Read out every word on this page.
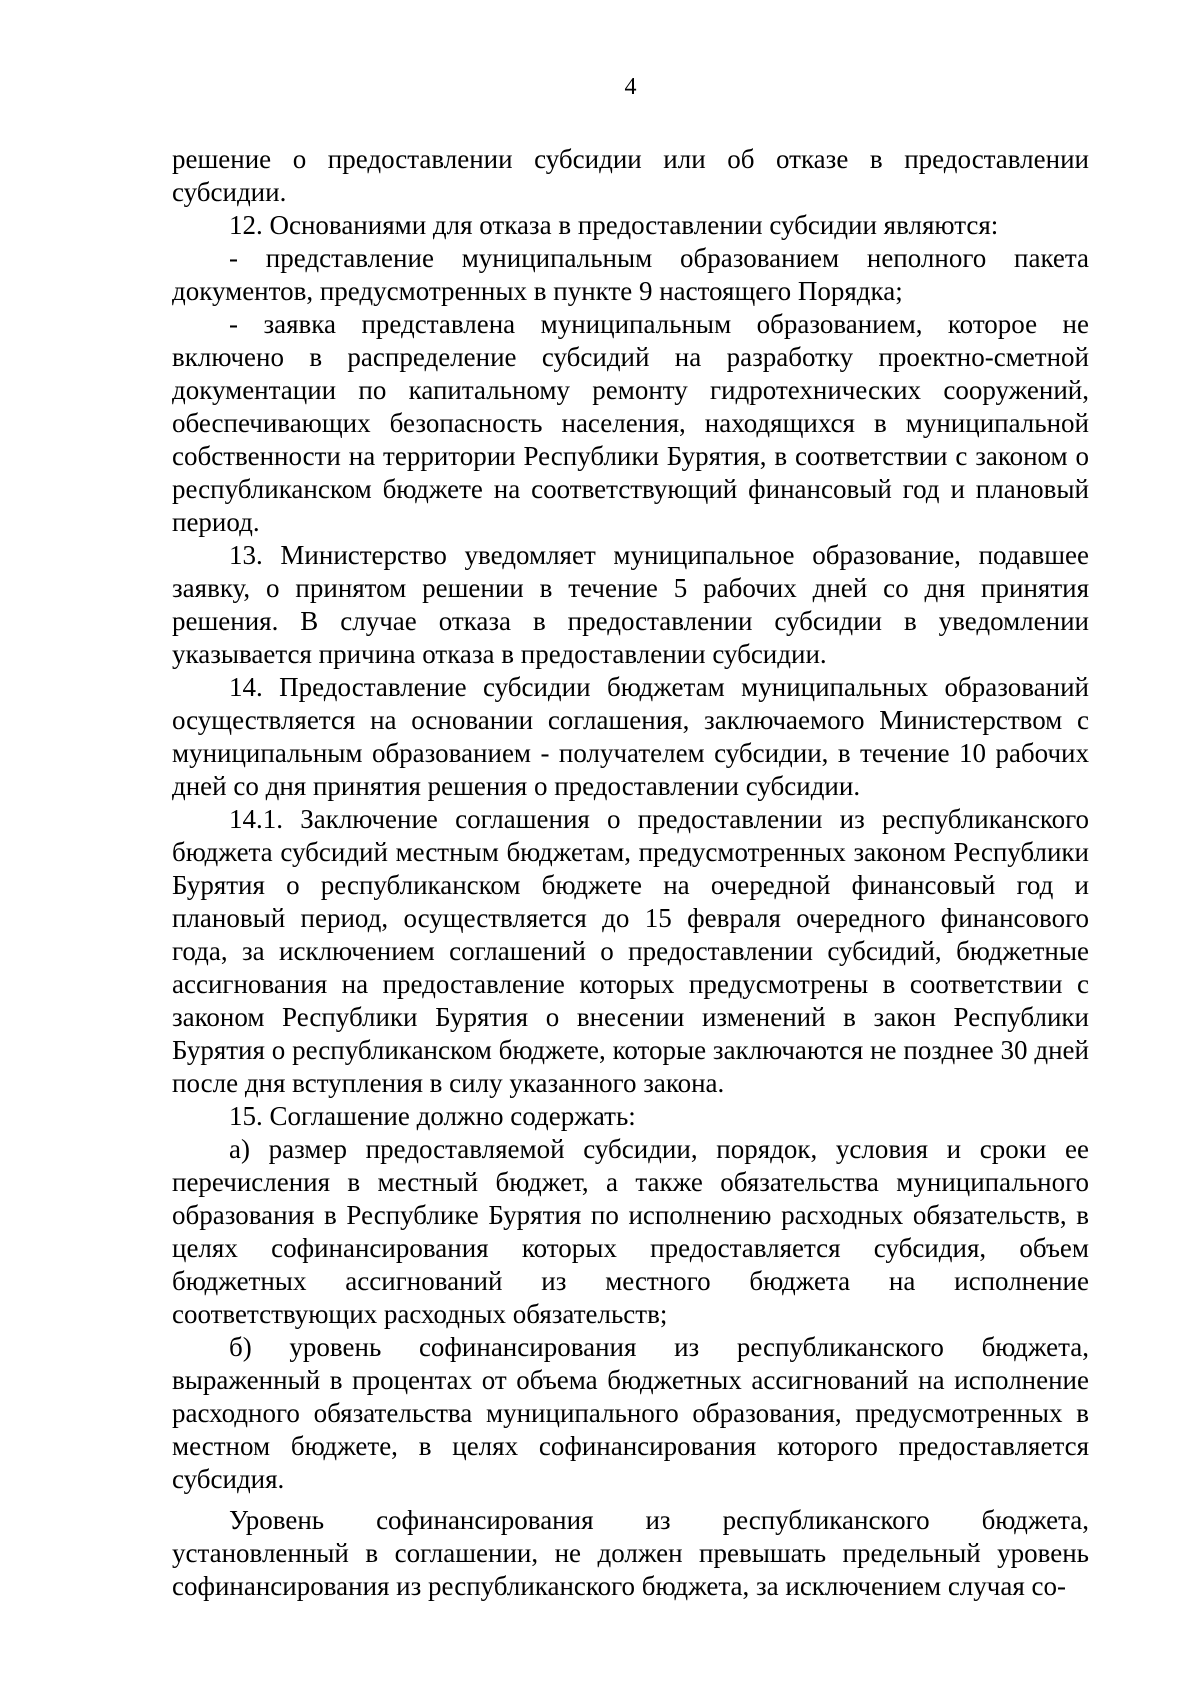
4

решение о предоставлении субсидии или об отказе в предоставлении субсидии.

12. Основаниями для отказа в предоставлении субсидии являются:

- представление муниципальным образованием неполного пакета документов, предусмотренных в пункте 9 настоящего Порядка;

- заявка представлена муниципальным образованием, которое не включено в распределение субсидий на разработку проектно-сметной документации по капитальному ремонту гидротехнических сооружений, обеспечивающих безопасность населения, находящихся в муниципальной собственности на территории Республики Бурятия, в соответствии с законом о республиканском бюджете на соответствующий финансовый год и плановый период.

13. Министерство уведомляет муниципальное образование, подавшее заявку, о принятом решении в течение 5 рабочих дней со дня принятия решения. В случае отказа в предоставлении субсидии в уведомлении указывается причина отказа в предоставлении субсидии.

14. Предоставление субсидии бюджетам муниципальных образований осуществляется на основании соглашения, заключаемого Министерством с муниципальным образованием - получателем субсидии, в течение 10 рабочих дней со дня принятия решения о предоставлении субсидии.

14.1. Заключение соглашения о предоставлении из республиканского бюджета субсидий местным бюджетам, предусмотренных законом Республики Бурятия о республиканском бюджете на очередной финансовый год и плановый период, осуществляется до 15 февраля очередного финансового года, за исключением соглашений о предоставлении субсидий, бюджетные ассигнования на предоставление которых предусмотрены в соответствии с законом Республики Бурятия о внесении изменений в закон Республики Бурятия о республиканском бюджете, которые заключаются не позднее 30 дней после дня вступления в силу указанного закона.

15. Соглашение должно содержать:

а) размер предоставляемой субсидии, порядок, условия и сроки ее перечисления в местный бюджет, а также обязательства муниципального образования в Республике Бурятия по исполнению расходных обязательств, в целях софинансирования которых предоставляется субсидия, объем бюджетных ассигнований из местного бюджета на исполнение соответствующих расходных обязательств;

б) уровень софинансирования из республиканского бюджета, выраженный в процентах от объема бюджетных ассигнований на исполнение расходного обязательства муниципального образования, предусмотренных в местном бюджете, в целях софинансирования которого предоставляется субсидия.

Уровень софинансирования из республиканского бюджета, установленный в соглашении, не должен превышать предельный уровень софинансирования из республиканского бюджета, за исключением случая со-
